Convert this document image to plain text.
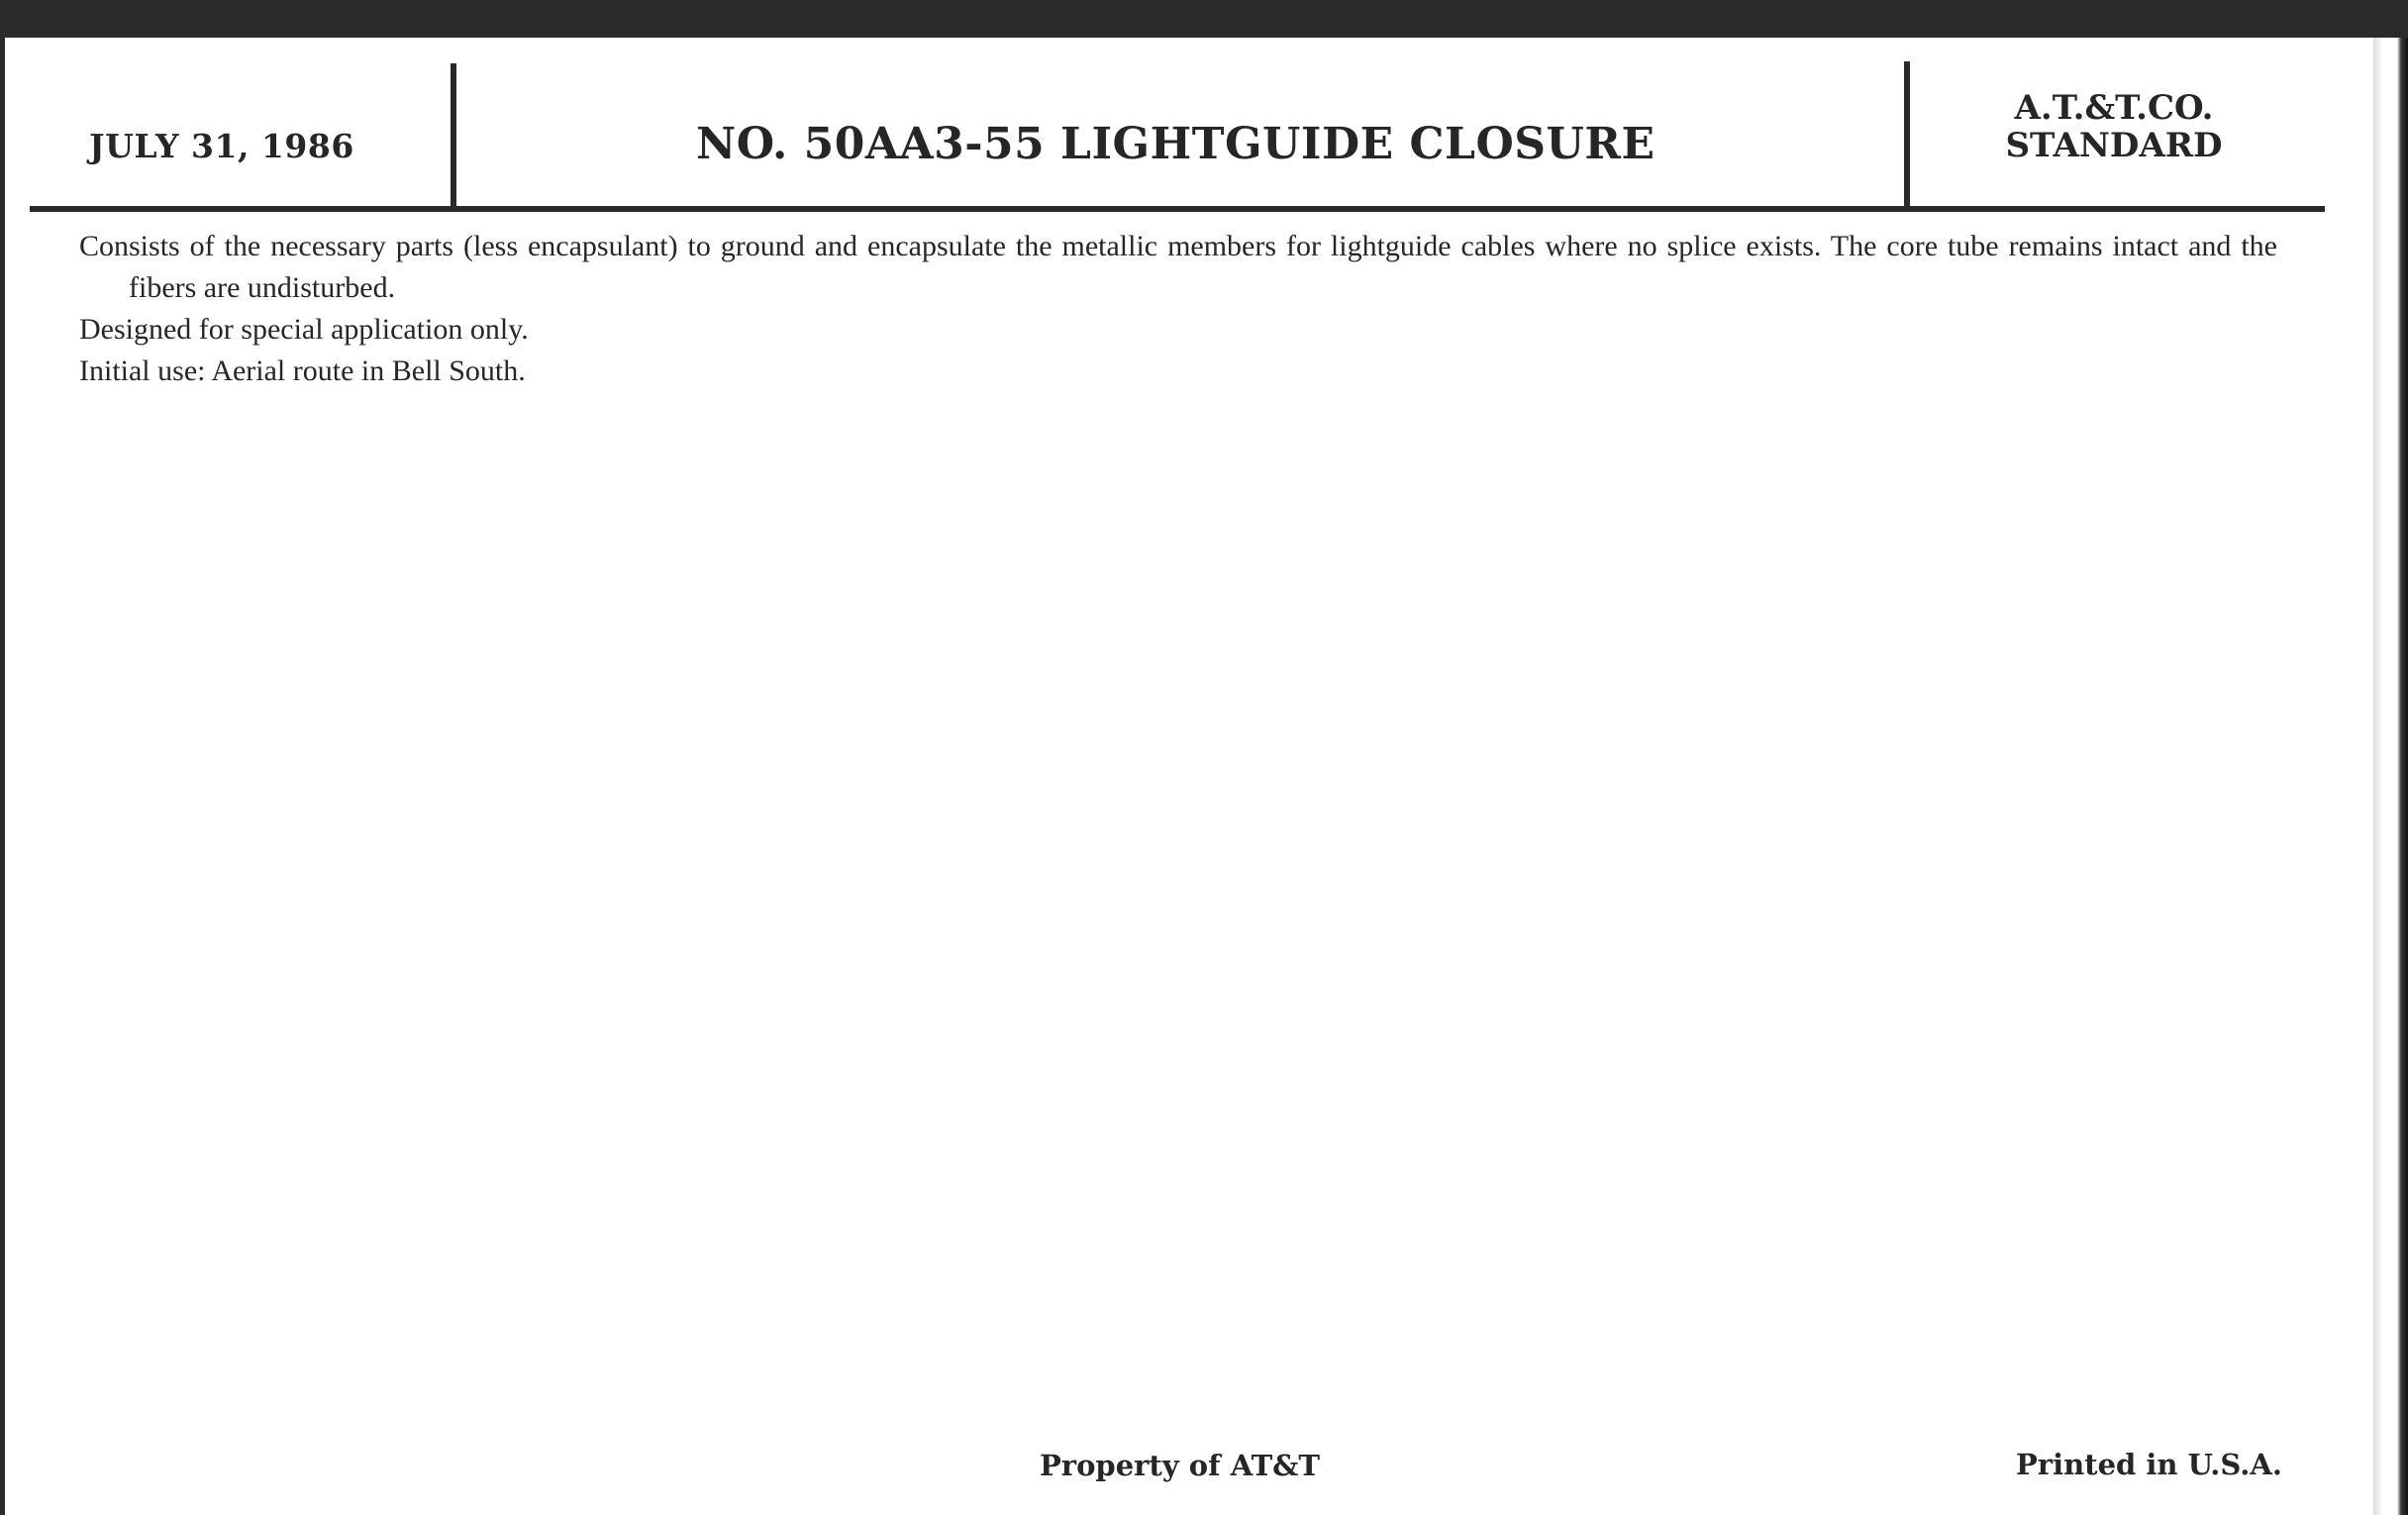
JULY 31, 1986	NO. 50AA3-55 LIGHTGUIDE CLOSURE
A.T.&T.CO.
STANDARD

Consists of the necessary parts (less encapsulant) to ground and encapsulate the metallic members for lightguide cables where no splice exists. The core tube remains intact and the fibers are undisturbed.

Designed for special application only.

Initial use: Aerial route in Bell South.

Property of AT&T	Printed in U.S.A.
